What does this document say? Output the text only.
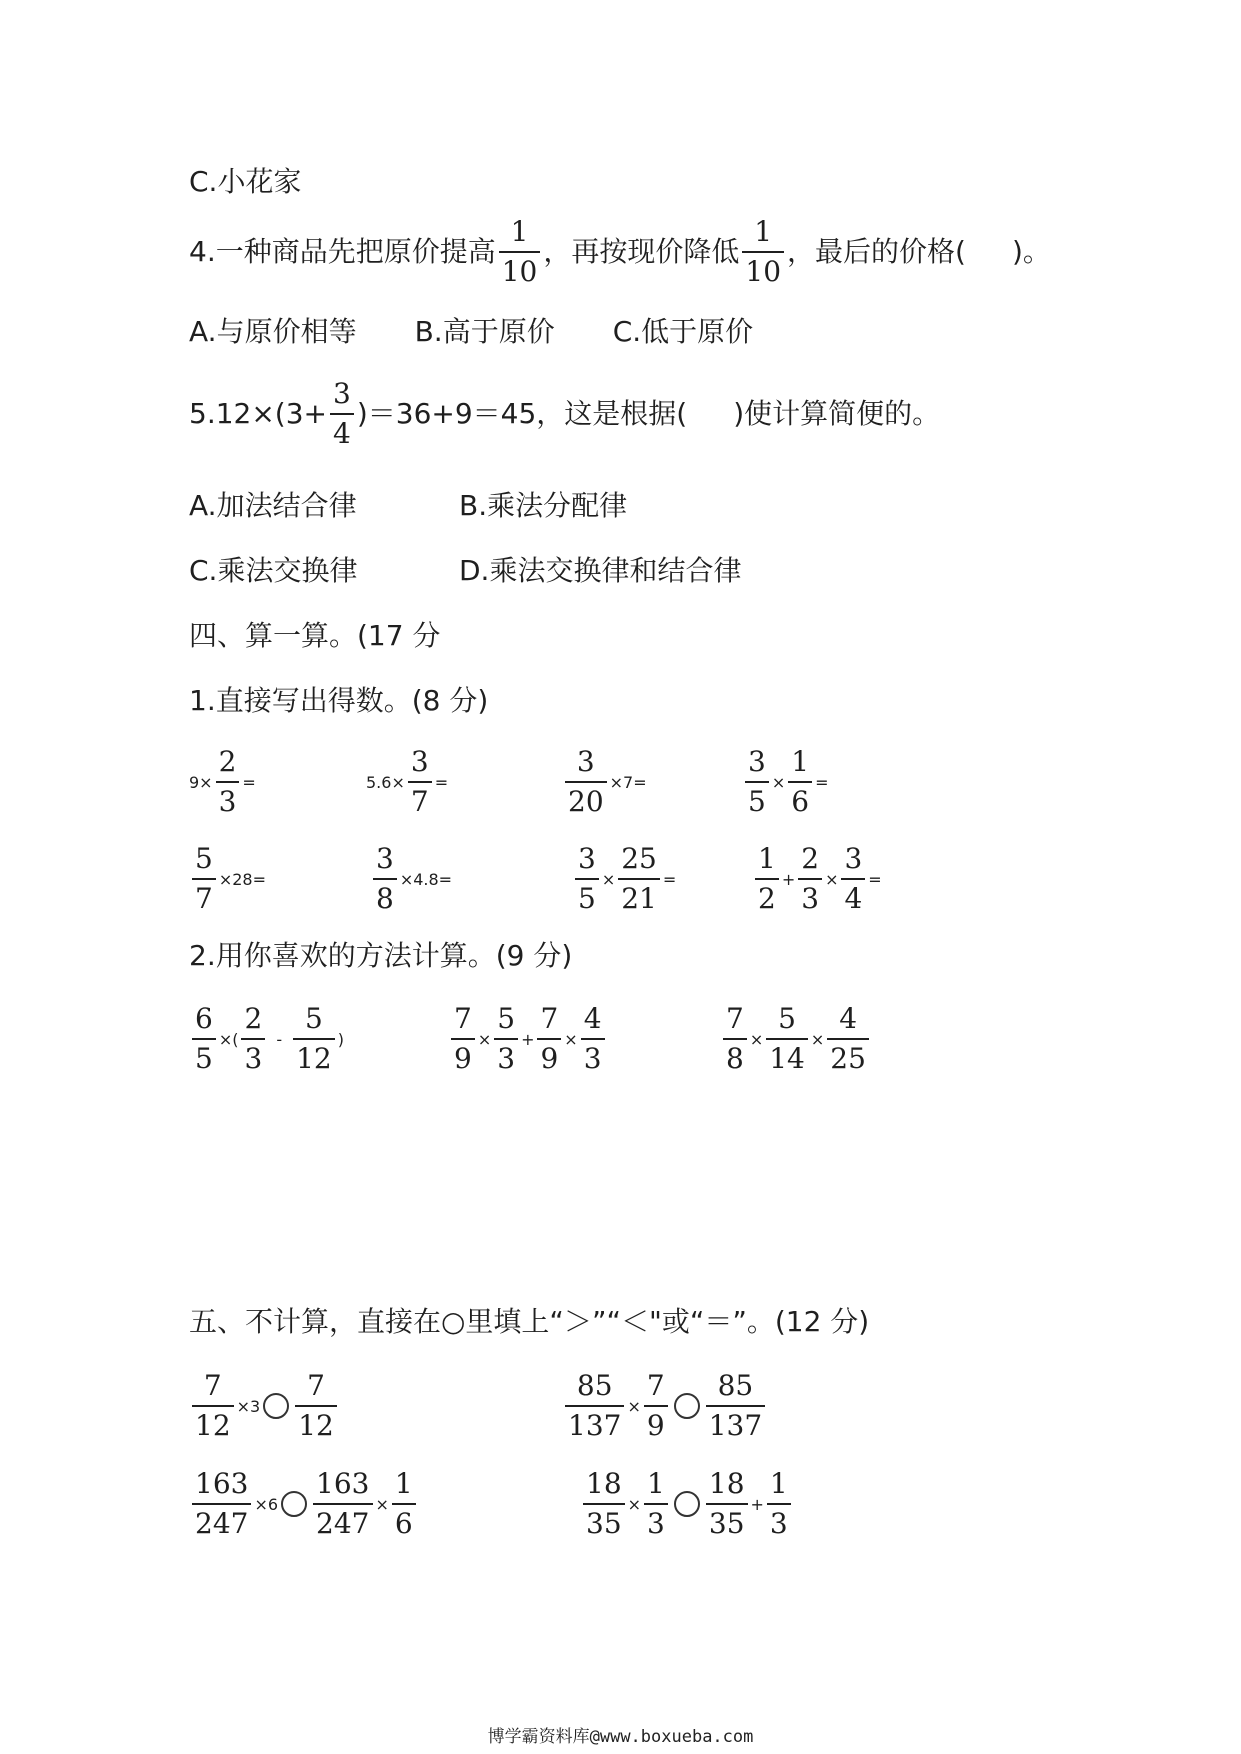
C.小花家
4.一种商品先把原价提高 $\frac{1}{10}$ ，再按现价降低 $\frac{1}{10}$ ，最后的价格( )。
A.与原价相等 B.高于原价 C.低于原价
$5.12\times(3+ \frac{3}{4} )=36+9=45$，这是根据( )使计算简便的。
A.加法结合律	B.乘法分配律
C.乘法交换律	D.乘法交换律和结合律
四、算一算。(17 分
1.直接写出得数。(8 分)
$9\times \frac{2}{3}$ =	$5.6\times \frac{3}{7}$ =	$\frac{3}{20} \times 7=$	$\frac{3}{5} \times \frac{1}{6}$ =
$\frac{5}{7} \times 28=$	$\frac{3}{8} \times 4.8=$	$\frac{3}{5} \times \frac{25}{21}$ =	$\frac{1}{2} + \frac{2}{3} \times \frac{3}{4}$ =
2.用你喜欢的方法计算。(9 分)
$\frac{6}{5}$ ×( $\frac{2}{3} - \frac{5}{12}$ )	$\frac{7}{9} \times \frac{5}{3} + \frac{7}{9} \times \frac{4}{3}$	$\frac{7}{8} \times \frac{5}{14} \times \frac{4}{25}$
五、不计算，直接在○里填上“＞”“＜"或“＝”。(12 分)
$\frac{7}{12} \times 3 \frac{7}{12}$	$\frac{85}{137} \times \frac{7}{9} \frac{85}{137}$
$\frac{163}{247} \times 6 \frac{163}{247} \times \frac{1}{6}$	$\frac{18}{35} \times \frac{1}{3} \frac{18}{35} + \frac{1}{3}$
博学霸资料库@www.boxueba.com
